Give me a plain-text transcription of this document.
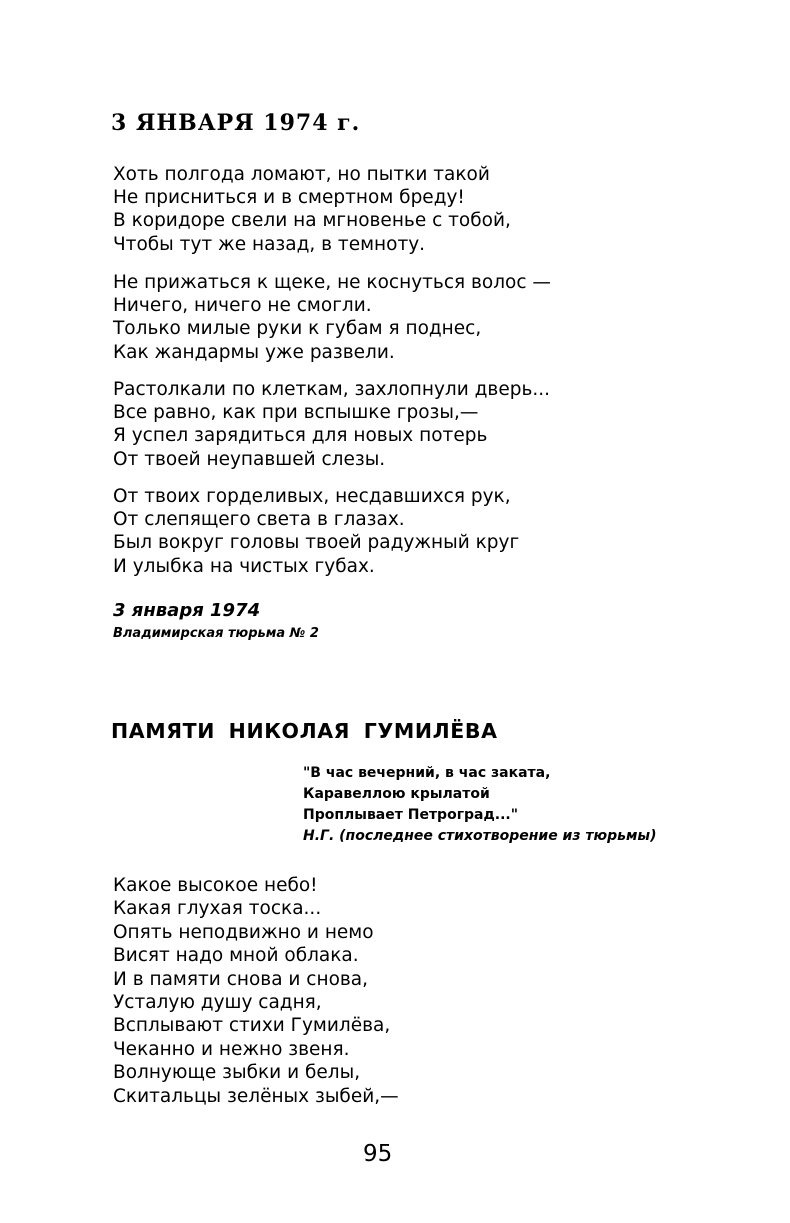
3 ЯНВАРЯ 1974 г.
Хоть полгода ломают, но пытки такой
Не присниться и в смертном бреду!
В коридоре свели на мгновенье с тобой,
Чтобы тут же назад, в темноту.
Не прижаться к щеке, не коснуться волос —
Ничего, ничего не смогли.
Только милые руки к губам я поднес,
Как жандармы уже развели.
Растолкали по клеткам, захлопнули дверь...
Все равно, как при вспышке грозы,—
Я успел зарядиться для новых потерь
От твоей неупавшей слезы.
От твоих горделивых, несдавшихся рук,
От слепящего света в глазах.
Был вокруг головы твоей радужный круг
И улыбка на чистых губах.
3 января 1974
Владимирская тюрьма № 2
ПАМЯТИ НИКОЛАЯ ГУМИЛЁВА
"В час вечерний, в час заката,
Каравеллою крылатой
Проплывает Петроград..."
Н.Г. (последнее стихотворение из тюрьмы)
Какое высокое небо!
Какая глухая тоска...
Опять неподвижно и немо
Висят надо мной облака.
И в памяти снова и снова,
Усталую душу садня,
Всплывают стихи Гумилёва,
Чеканно и нежно звеня.
Волнующе зыбки и белы,
Скитальцы зелёных зыбей,—
95
